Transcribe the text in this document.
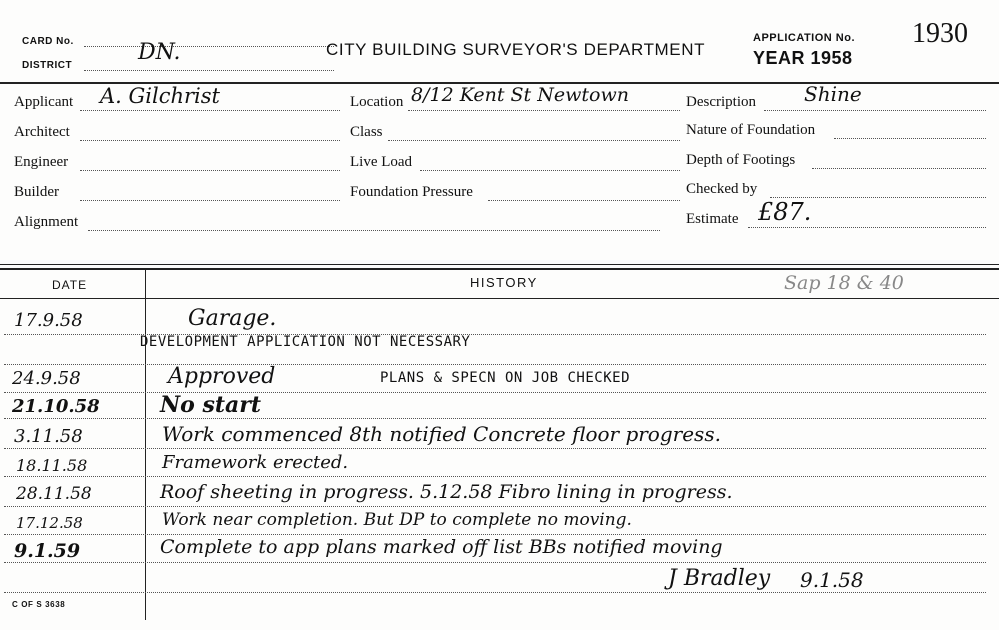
CARD No.
DISTRICT
DN.	CITY BUILDING SURVEYOR'S DEPARTMENT
APPLICATION No. 1930
YEAR 1958
Applicant A. Gilchrist
Architect
Engineer
Builder
Alignment
Location 8/12 Kent St Newtown
Class
Live Load
Foundation Pressure
Description Shine
Nature of Foundation
Depth of Footings
Checked by
Estimate £87.
DATE	HISTORY	Sap 18 & 40
17.9.58	Garage.
DEVELOPMENT APPLICATION NOT NECESSARY
24.9.58	Approved	PLANS & SPECN ON JOB CHECKED
21.10.58	No start
3.11.58	Work commenced 8th notified Concrete floor progress.
18.11.58	Framework erected.
28.11.58	Roof sheeting in progress. 5.12.58 Fibro lining in progress.
17.12.58	Work near completion. But DP to complete no moving.
9.1.59	Complete to app plans marked off list BBs notified moving
J Bradley 9.1.58
C OF S 3638
